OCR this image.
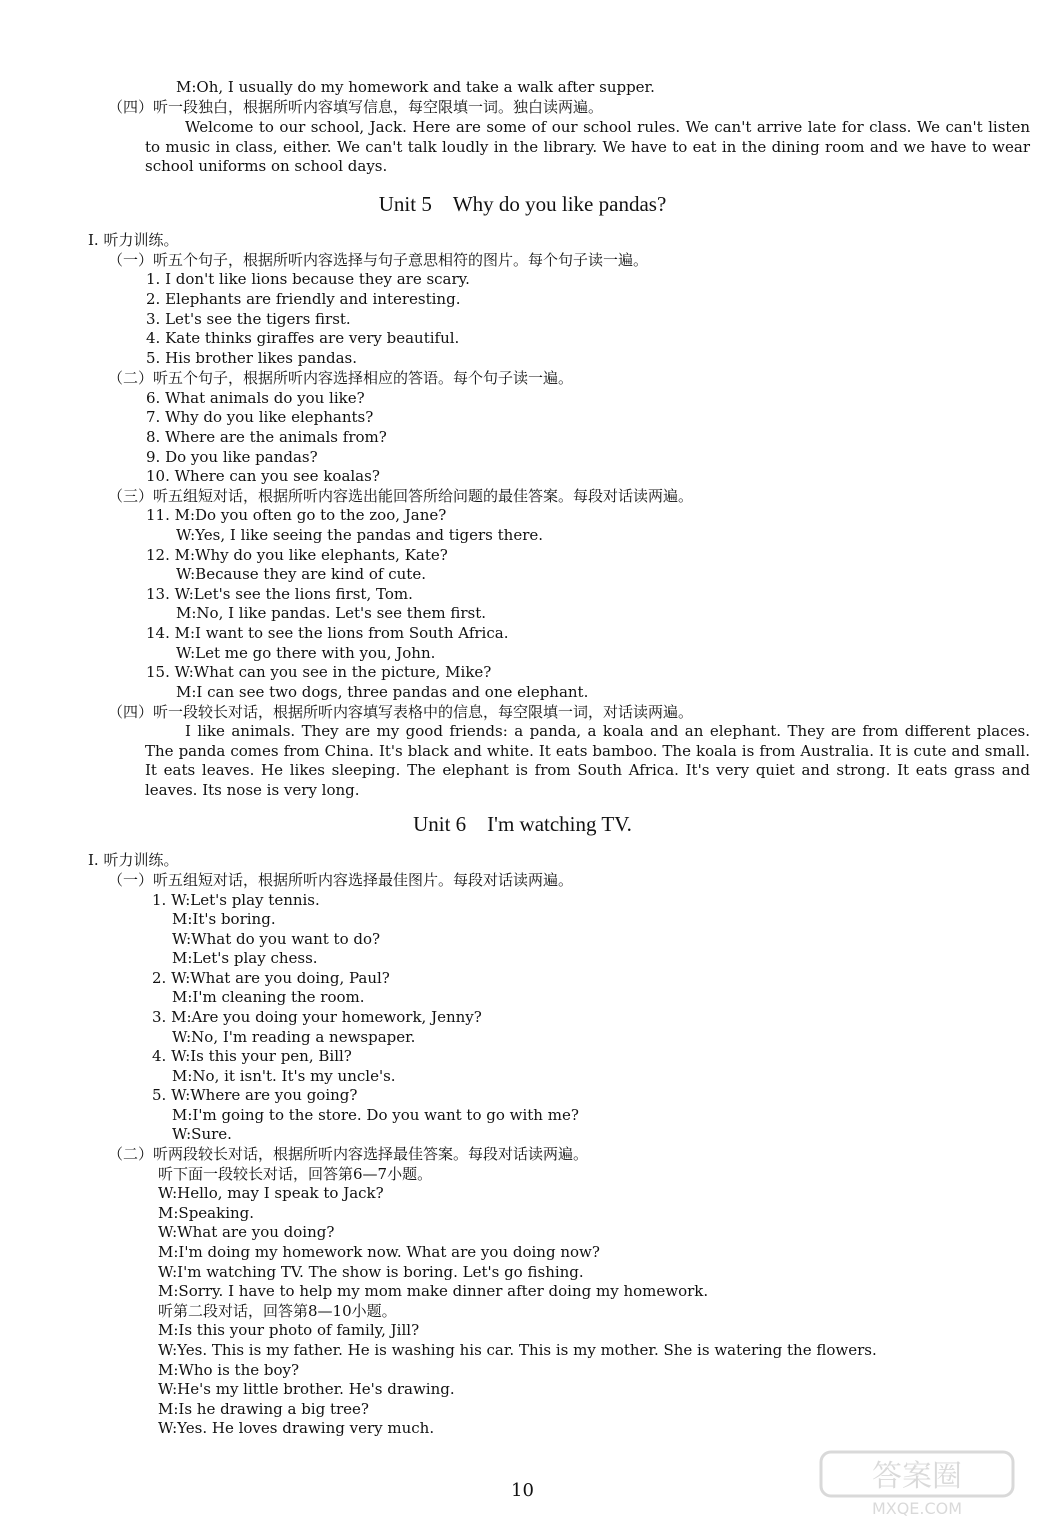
M:Oh, I usually do my homework and take a walk after supper.
（四）听一段独白，根据所听内容填写信息，每空限填一词。独白读两遍。
Welcome to our school, Jack. Here are some of our school rules. We can't arrive late for class. We can't listen to music in class, either. We can't talk loudly in the library. We have to eat in the dining room and we have to wear school uniforms on school days.
Unit 5　Why do you like pandas?
Ⅰ. 听力训练。
（一）听五个句子，根据所听内容选择与句子意思相符的图片。每个句子读一遍。
1. I don't like lions because they are scary.
2. Elephants are friendly and interesting.
3. Let's see the tigers first.
4. Kate thinks giraffes are very beautiful.
5. His brother likes pandas.
（二）听五个句子，根据所听内容选择相应的答语。每个句子读一遍。
6. What animals do you like?
7. Why do you like elephants?
8. Where are the animals from?
9. Do you like pandas?
10. Where can you see koalas?
（三）听五组短对话，根据所听内容选出能回答所给问题的最佳答案。每段对话读两遍。
11. M:Do you often go to the zoo, Jane?
W:Yes, I like seeing the pandas and tigers there.
12. M:Why do you like elephants, Kate?
W:Because they are kind of cute.
13. W:Let's see the lions first, Tom.
M:No, I like pandas. Let's see them first.
14. M:I want to see the lions from South Africa.
W:Let me go there with you, John.
15. W:What can you see in the picture, Mike?
M:I can see two dogs, three pandas and one elephant.
（四）听一段较长对话，根据所听内容填写表格中的信息，每空限填一词，对话读两遍。
I like animals. They are my good friends: a panda, a koala and an elephant. They are from different places. The panda comes from China. It's black and white. It eats bamboo. The koala is from Australia. It is cute and small. It eats leaves. He likes sleeping. The elephant is from South Africa. It's very quiet and strong. It eats grass and leaves. Its nose is very long.
Unit 6　I'm watching TV.
Ⅰ. 听力训练。
（一）听五组短对话，根据所听内容选择最佳图片。每段对话读两遍。
1. W:Let's play tennis.
M:It's boring.
W:What do you want to do?
M:Let's play chess.
2. W:What are you doing, Paul?
M:I'm cleaning the room.
3. M:Are you doing your homework, Jenny?
W:No, I'm reading a newspaper.
4. W:Is this your pen, Bill?
M:No, it isn't. It's my uncle's.
5. W:Where are you going?
M:I'm going to the store. Do you want to go with me?
W:Sure.
（二）听两段较长对话，根据所听内容选择最佳答案。每段对话读两遍。
听下面一段较长对话，回答第6—7小题。
W:Hello, may I speak to Jack?
M:Speaking.
W:What are you doing?
M:I'm doing my homework now. What are you doing now?
W:I'm watching TV. The show is boring. Let's go fishing.
M:Sorry. I have to help my mom make dinner after doing my homework.
听第二段对话，回答第8—10小题。
M:Is this your photo of family, Jill?
W:Yes. This is my father. He is washing his car. This is my mother. She is watering the flowers.
M:Who is the boy?
W:He's my little brother. He's drawing.
M:Is he drawing a big tree?
W:Yes. He loves drawing very much.
10	答案圈
MXQE.COM
